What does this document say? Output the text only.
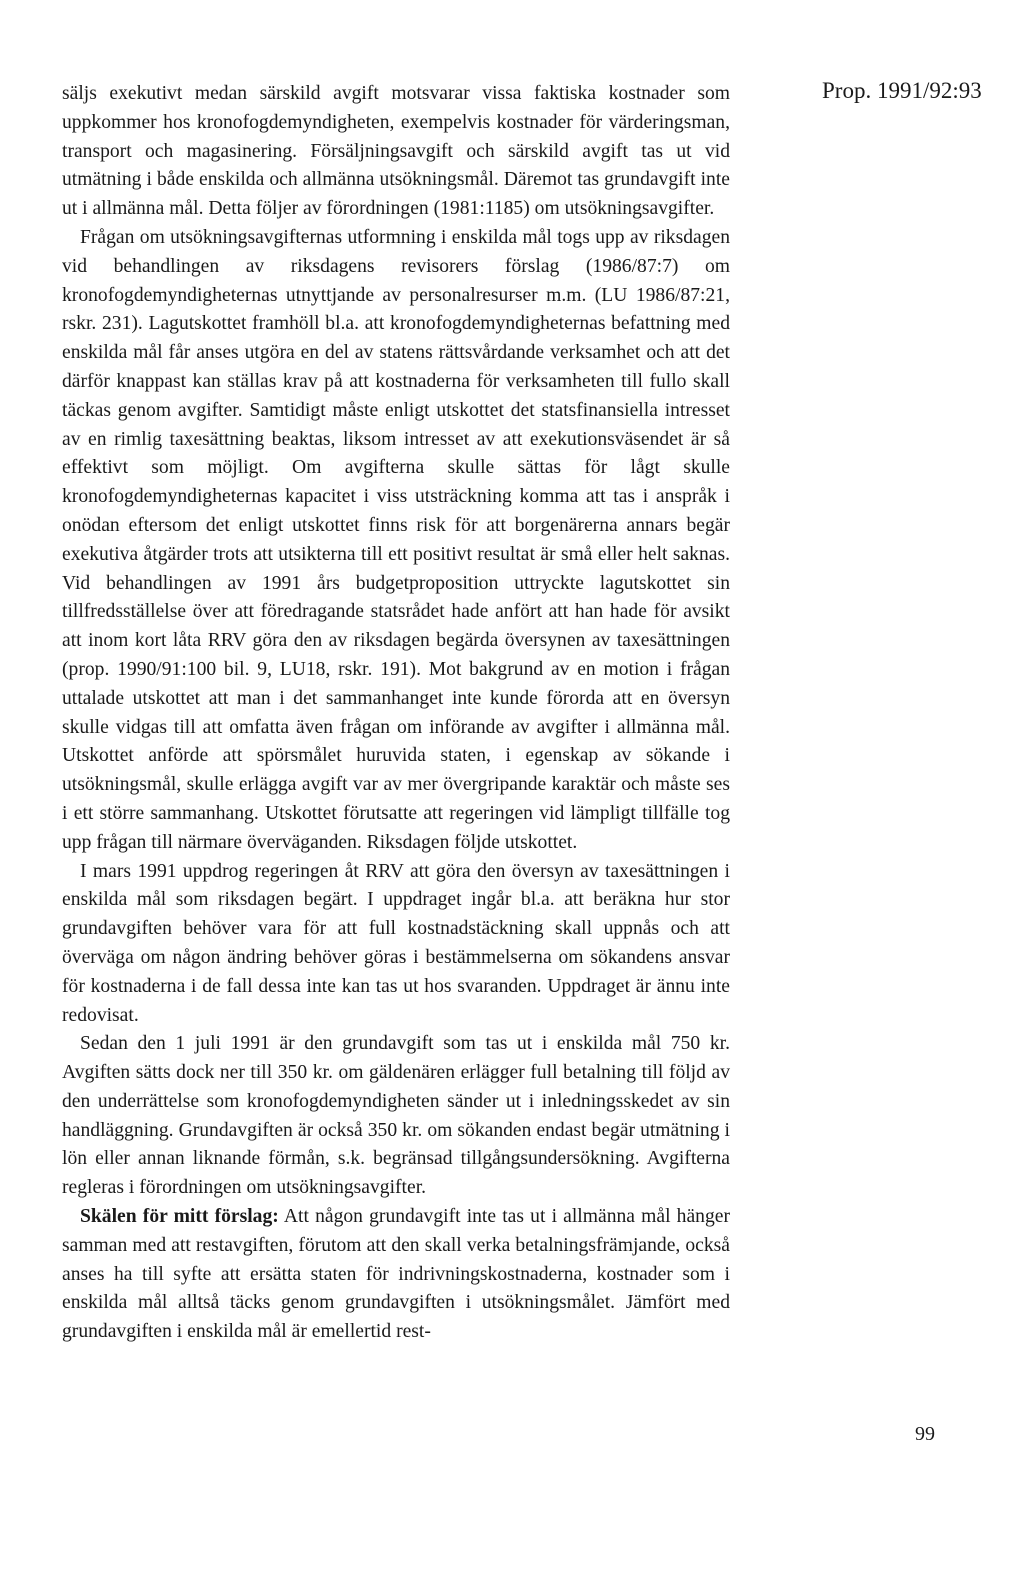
Prop. 1991/92:93

säljs exekutivt medan särskild avgift motsvarar vissa faktiska kostnader som uppkommer hos kronofogdemyndigheten, exempelvis kostnader för värderingsman, transport och magasinering. Försäljningsavgift och särskild avgift tas ut vid utmätning i både enskilda och allmänna utsökningsmål. Däremot tas grundavgift inte ut i allmänna mål. Detta följer av förordningen (1981:1185) om utsökningsavgifter.

Frågan om utsökningsavgifternas utformning i enskilda mål togs upp av riksdagen vid behandlingen av riksdagens revisorers förslag (1986/87:7) om kronofogdemyndigheternas utnyttjande av personalresurser m.m. (LU 1986/87:21, rskr. 231). Lagutskottet framhöll bl.a. att kronofogdemyndigheternas befattning med enskilda mål får anses utgöra en del av statens rättsvårdande verksamhet och att det därför knappast kan ställas krav på att kostnaderna för verksamheten till fullo skall täckas genom avgifter. Samtidigt måste enligt utskottet det statsfinansiella intresset av en rimlig taxesättning beaktas, liksom intresset av att exekutionsväsendet är så effektivt som möjligt. Om avgifterna skulle sättas för lågt skulle kronofogdemyndigheternas kapacitet i viss utsträckning komma att tas i anspråk i onödan eftersom det enligt utskottet finns risk för att borgenärerna annars begär exekutiva åtgärder trots att utsikterna till ett positivt resultat är små eller helt saknas. Vid behandlingen av 1991 års budgetproposition uttryckte lagutskottet sin tillfredsställelse över att föredragande statsrådet hade anfört att han hade för avsikt att inom kort låta RRV göra den av riksdagen begärda översynen av taxesättningen (prop. 1990/91:100 bil. 9, LU18, rskr. 191). Mot bakgrund av en motion i frågan uttalade utskottet att man i det sammanhanget inte kunde förorda att en översyn skulle vidgas till att omfatta även frågan om införande av avgifter i allmänna mål. Utskottet anförde att spörsmålet huruvida staten, i egenskap av sökande i utsökningsmål, skulle erlägga avgift var av mer övergripande karaktär och måste ses i ett större sammanhang. Utskottet förutsatte att regeringen vid lämpligt tillfälle tog upp frågan till närmare överväganden. Riksdagen följde utskottet.

I mars 1991 uppdrog regeringen åt RRV att göra den översyn av taxesättningen i enskilda mål som riksdagen begärt. I uppdraget ingår bl.a. att beräkna hur stor grundavgiften behöver vara för att full kostnadstäckning skall uppnås och att överväga om någon ändring behöver göras i bestämmelserna om sökandens ansvar för kostnaderna i de fall dessa inte kan tas ut hos svaranden. Uppdraget är ännu inte redovisat.

Sedan den 1 juli 1991 är den grundavgift som tas ut i enskilda mål 750 kr. Avgiften sätts dock ner till 350 kr. om gäldenären erlägger full betalning till följd av den underrättelse som kronofogdemyndigheten sänder ut i inledningsskedet av sin handläggning. Grundavgiften är också 350 kr. om sökanden endast begär utmätning i lön eller annan liknande förmån, s.k. begränsad tillgångsundersökning. Avgifterna regleras i förordningen om utsökningsavgifter.

Skälen för mitt förslag: Att någon grundavgift inte tas ut i allmänna mål hänger samman med att restavgiften, förutom att den skall verka betalningsfrämjande, också anses ha till syfte att ersätta staten för indrivningskostnaderna, kostnader som i enskilda mål alltså täcks genom grundavgiften i utsökningsmålet. Jämfört med grundavgiften i enskilda mål är emellertid rest-

99
